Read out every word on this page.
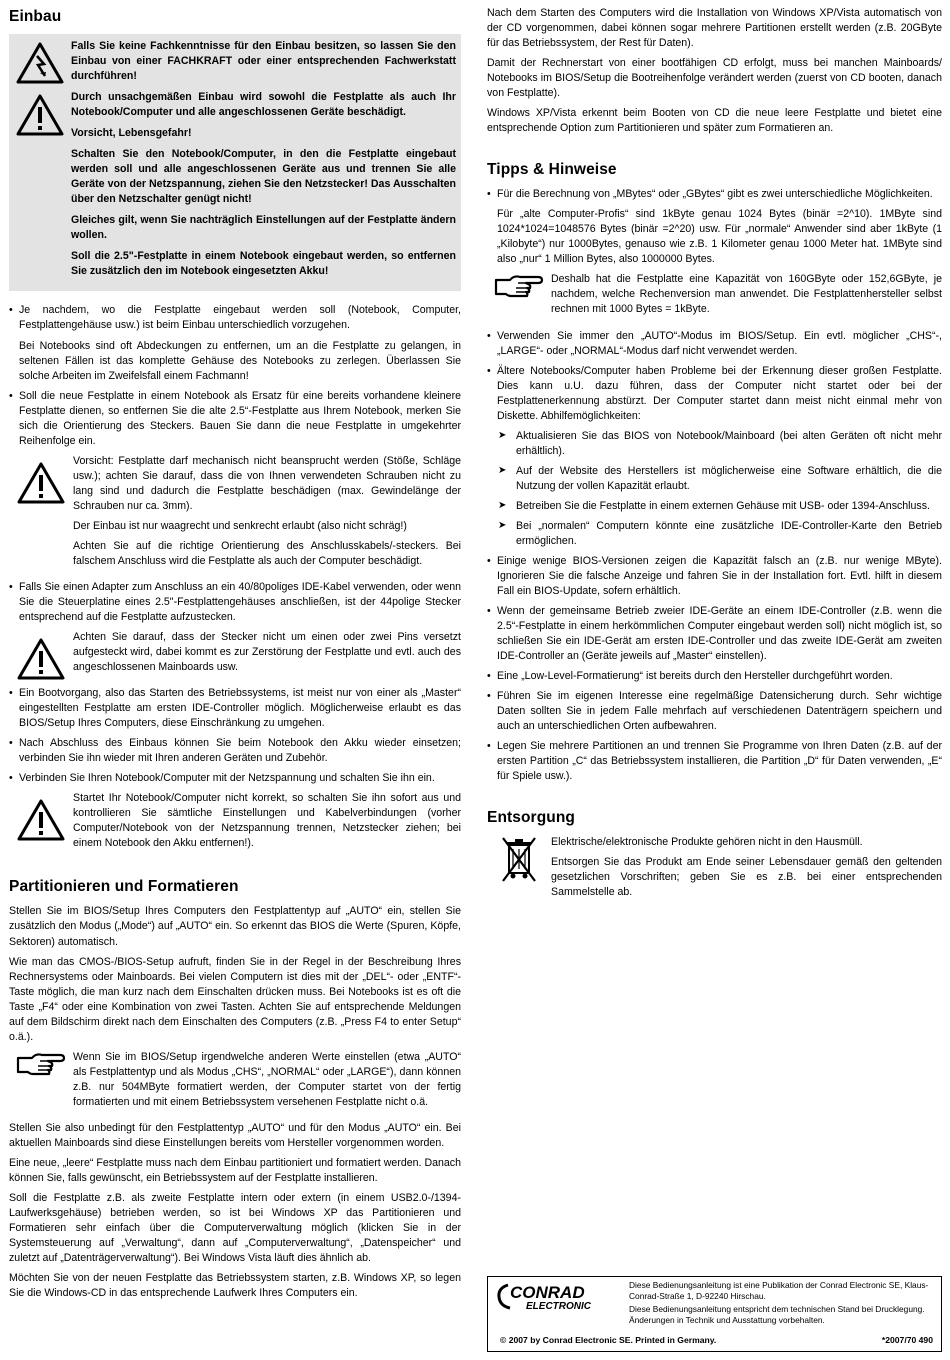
Einbau

Falls Sie keine Fachkenntnisse für den Einbau besitzen, so lassen Sie den Einbau von einer FACHKRAFT oder einer entsprechenden Fachwerkstatt durchführen!

Durch unsachgemäßen Einbau wird sowohl die Festplatte als auch Ihr Notebook/Computer und alle angeschlossenen Geräte beschädigt.

Vorsicht, Lebensgefahr!

Schalten Sie den Notebook/Computer, in den die Festplatte eingebaut werden soll und alle angeschlossenen Geräte aus und trennen Sie alle Geräte von der Netzspannung, ziehen Sie den Netzstecker! Das Ausschalten über den Netzschalter genügt nicht!

Gleiches gilt, wenn Sie nachträglich Einstellungen auf der Festplatte ändern wollen.

Soll die 2.5"-Festplatte in einem Notebook eingebaut werden, so entfernen Sie zusätzlich den im Notebook eingesetzten Akku!

• Je nachdem, wo die Festplatte eingebaut werden soll (Notebook, Computer, Festplattengehäuse usw.) ist beim Einbau unterschiedlich vorzugehen.

Bei Notebooks sind oft Abdeckungen zu entfernen, um an die Festplatte zu gelangen, in seltenen Fällen ist das komplette Gehäuse des Notebooks zu zerlegen. Überlassen Sie solche Arbeiten im Zweifelsfall einem Fachmann!

• Soll die neue Festplatte in einem Notebook als Ersatz für eine bereits vorhandene kleinere Festplatte dienen, so entfernen Sie die alte 2.5“-Festplatte aus Ihrem Notebook, merken Sie sich die Orientierung des Steckers. Bauen Sie dann die neue Festplatte in umgekehrter Reihenfolge ein.

Vorsicht: Festplatte darf mechanisch nicht beansprucht werden (Stöße, Schläge usw.); achten Sie darauf, dass die von Ihnen verwendeten Schrauben nicht zu lang sind und dadurch die Festplatte beschädigen (max. Gewindelänge der Schrauben nur ca. 3mm).

Der Einbau ist nur waagrecht und senkrecht erlaubt (also nicht schräg!)

Achten Sie auf die richtige Orientierung des Anschlusskabels/-steckers. Bei falschem Anschluss wird die Festplatte als auch der Computer beschädigt.

• Falls Sie einen Adapter zum Anschluss an ein 40/80poliges IDE-Kabel verwenden, oder wenn Sie die Steuerplatine eines 2.5"-Festplattengehäuses anschließen, ist der 44polige Stecker entsprechend auf die Festplatte aufzustecken.

Achten Sie darauf, dass der Stecker nicht um einen oder zwei Pins versetzt aufgesteckt wird, dabei kommt es zur Zerstörung der Festplatte und evtl. auch des angeschlossenen Mainboards usw.

• Ein Bootvorgang, also das Starten des Betriebssystems, ist meist nur von einer als „Master“ eingestellten Festplatte am ersten IDE-Controller möglich. Möglicherweise erlaubt es das BIOS/Setup Ihres Computers, diese Einschränkung zu umgehen.
• Nach Abschluss des Einbaus können Sie beim Notebook den Akku wieder einsetzen; verbinden Sie ihn wieder mit Ihren anderen Geräten und Zubehör.
• Verbinden Sie Ihren Notebook/Computer mit der Netzspannung und schalten Sie ihn ein.

Startet Ihr Notebook/Computer nicht korrekt, so schalten Sie ihn sofort aus und kontrollieren Sie sämtliche Einstellungen und Kabelverbindungen (vorher Computer/Notebook von der Netzspannung trennen, Netzstecker ziehen; bei einem Notebook den Akku entfernen!).

Partitionieren und Formatieren

Stellen Sie im BIOS/Setup Ihres Computers den Festplattentyp auf „AUTO“ ein, stellen Sie zusätzlich den Modus („Mode“) auf „AUTO“ ein. So erkennt das BIOS die Werte (Spuren, Köpfe, Sektoren) automatisch.

Wie man das CMOS-/BIOS-Setup aufruft, finden Sie in der Regel in der Beschreibung Ihres Rechnersystems oder Mainboards. Bei vielen Computern ist dies mit der „DEL“- oder „ENTF“-Taste möglich, die man kurz nach dem Einschalten drücken muss. Bei Notebooks ist es oft die Taste „F4“ oder eine Kombination von zwei Tasten. Achten Sie auf entsprechende Meldungen auf dem Bildschirm direkt nach dem Einschalten des Computers (z.B. „Press F4 to enter Setup“ o.ä.).

Wenn Sie im BIOS/Setup irgendwelche anderen Werte einstellen (etwa „AUTO“ als Festplattentyp und als Modus „CHS“, „NORMAL“ oder „LARGE“), dann können z.B. nur 504MByte formatiert werden, der Computer startet von der fertig formatierten und mit einem Betriebssystem versehenen Festplatte nicht o.ä.

Stellen Sie also unbedingt für den Festplattentyp „AUTO“ und für den Modus „AUTO“ ein. Bei aktuellen Mainboards sind diese Einstellungen bereits vom Hersteller vorgenommen worden.

Eine neue, „leere“ Festplatte muss nach dem Einbau partitioniert und formatiert werden. Danach können Sie, falls gewünscht, ein Betriebssystem auf der Festplatte installieren.

Soll die Festplatte z.B. als zweite Festplatte intern oder extern (in einem USB2.0-/1394-Laufwerksgehäuse) betrieben werden, so ist bei Windows XP das Partitionieren und Formatieren sehr einfach über die Computerverwaltung möglich (klicken Sie in der Systemsteuerung auf „Verwaltung“, dann auf „Computerverwaltung“, „Datenspeicher“ und zuletzt auf „Datenträgerverwaltung“). Bei Windows Vista läuft dies ähnlich ab.

Möchten Sie von der neuen Festplatte das Betriebssystem starten, z.B. Windows XP, so legen Sie die Windows-CD in das entsprechende Laufwerk Ihres Computers ein.

Nach dem Starten des Computers wird die Installation von Windows XP/Vista automatisch von der CD vorgenommen, dabei können sogar mehrere Partitionen erstellt werden (z.B. 20GByte für das Betriebssystem, der Rest für Daten).

Damit der Rechnerstart von einer bootfähigen CD erfolgt, muss bei manchen Mainboards/ Notebooks im BIOS/Setup die Bootreihenfolge verändert werden (zuerst von CD booten, danach von Festplatte).

Windows XP/Vista erkennt beim Booten von CD die neue leere Festplatte und bietet eine entsprechende Option zum Partitionieren und später zum Formatieren an.

Tipps & Hinweise
• Für die Berechnung von „MBytes“ oder „GBytes“ gibt es zwei unterschiedliche Möglichkeiten.

Für „alte Computer-Profis“ sind 1kByte genau 1024 Bytes (binär =2^10). 1MByte sind 1024*1024=1048576 Bytes (binär =2^20) usw. Für „normale“ Anwender sind aber 1kByte (1 „Kilobyte“) nur 1000Bytes, genauso wie z.B. 1 Kilometer genau 1000 Meter hat. 1MByte sind also „nur“ 1 Million Bytes, also 1000000 Bytes.

Deshalb hat die Festplatte eine Kapazität von 160GByte oder 152,6GByte, je nachdem, welche Rechenversion man anwendet. Die Festplattenhersteller selbst rechnen mit 1000 Bytes = 1kByte.

• Verwenden Sie immer den „AUTO“-Modus im BIOS/Setup. Ein evtl. möglicher „CHS“-, „LARGE“- oder „NORMAL“-Modus darf nicht verwendet werden.
• Ältere Notebooks/Computer haben Probleme bei der Erkennung dieser großen Festplatte. Dies kann u.U. dazu führen, dass der Computer nicht startet oder bei der Festplattenerkennung abstürzt. Der Computer startet dann meist nicht einmal mehr von Diskette. Abhilfemöglichkeiten:
➤ Aktualisieren Sie das BIOS von Notebook/Mainboard (bei alten Geräten oft nicht mehr erhältlich).
➤ Auf der Website des Herstellers ist möglicherweise eine Software erhältlich, die die Nutzung der vollen Kapazität erlaubt.
➤ Betreiben Sie die Festplatte in einem externen Gehäuse mit USB- oder 1394-Anschluss.
➤ Bei „normalen“ Computern könnte eine zusätzliche IDE-Controller-Karte den Betrieb ermöglichen.
• Einige wenige BIOS-Versionen zeigen die Kapazität falsch an (z.B. nur wenige MByte). Ignorieren Sie die falsche Anzeige und fahren Sie in der Installation fort. Evtl. hilft in diesem Fall ein BIOS-Update, sofern erhältlich.
• Wenn der gemeinsame Betrieb zweier IDE-Geräte an einem IDE-Controller (z.B. wenn die 2.5“-Festplatte in einem herkömmlichen Computer eingebaut werden soll) nicht möglich ist, so schließen Sie ein IDE-Gerät am ersten IDE-Controller und das zweite IDE-Gerät am zweiten IDE-Controller an (Geräte jeweils auf „Master“ einstellen).
• Eine „Low-Level-Formatierung“ ist bereits durch den Hersteller durchgeführt worden.
• Führen Sie im eigenen Interesse eine regelmäßige Datensicherung durch. Sehr wichtige Daten sollten Sie in jedem Falle mehrfach auf verschiedenen Datenträgern speichern und auch an unterschiedlichen Orten aufbewahren.
• Legen Sie mehrere Partitionen an und trennen Sie Programme von Ihren Daten (z.B. auf der ersten Partition „C“ das Betriebssystem installieren, die Partition „D“ für Daten verwenden, „E“ für Spiele usw.).
Entsorgung

Elektrische/elektronische Produkte gehören nicht in den Hausmüll.

Entsorgen Sie das Produkt am Ende seiner Lebensdauer gemäß den geltenden gesetzlichen Vorschriften; geben Sie es z.B. bei einer entsprechenden Sammelstelle ab.

CONRAD
ELECTRONIC

Diese Bedienungsanleitung ist eine Publikation der Conrad Electronic SE, Klaus-Conrad-Straße 1, D-92240 Hirschau.

Diese Bedienungsanleitung entspricht dem technischen Stand bei Drucklegung. Änderungen in Technik und Ausstattung vorbehalten.

© 2007 by Conrad Electronic SE. Printed in Germany.	*2007/70 490
